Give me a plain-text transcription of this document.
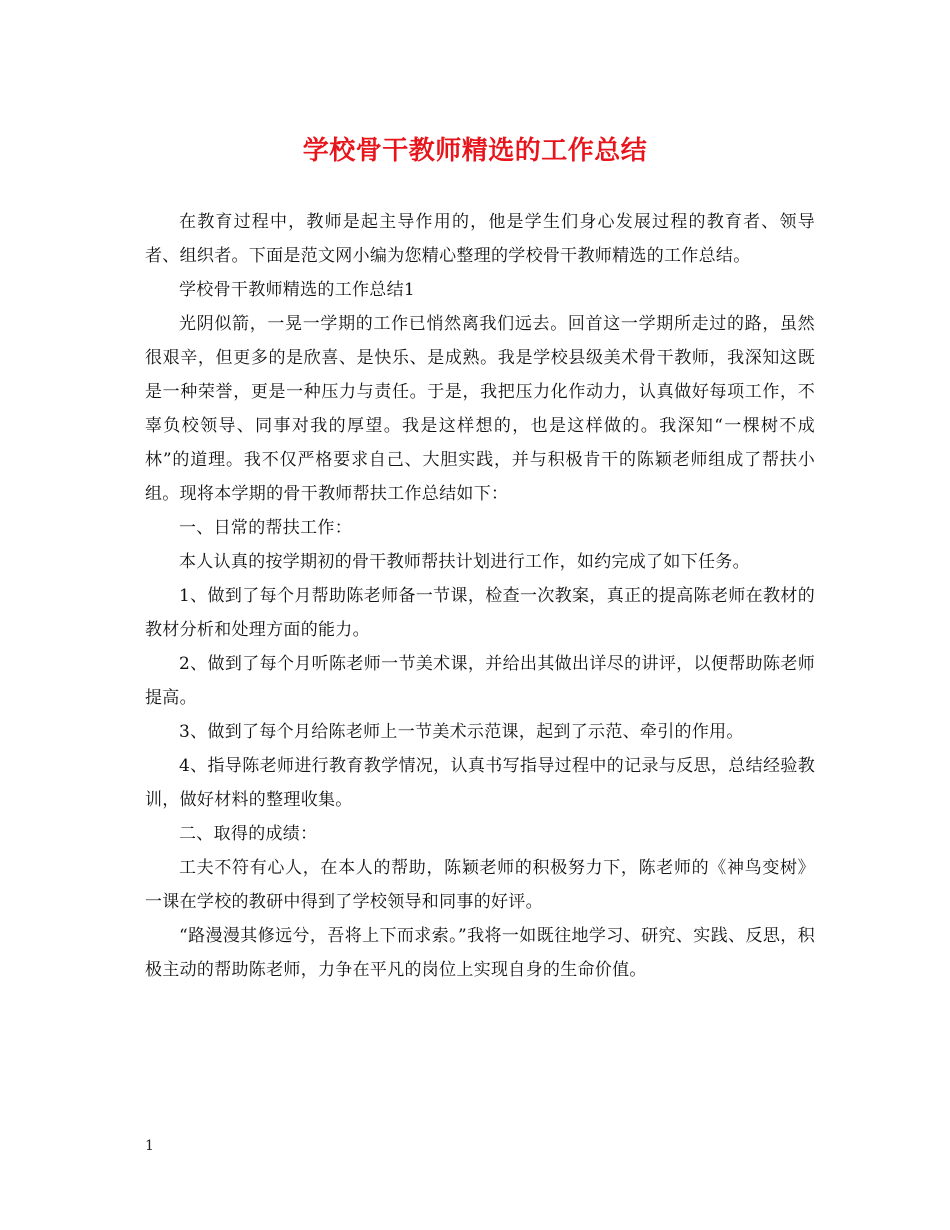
学校骨干教师精选的工作总结

在教育过程中，教师是起主导作用的，他是学生们身心发展过程的教育者、领导者、组织者。下面是范文网小编为您精心整理的学校骨干教师精选的工作总结。

学校骨干教师精选的工作总结1

光阴似箭，一晃一学期的工作已悄然离我们远去。回首这一学期所走过的路，虽然很艰辛，但更多的是欣喜、是快乐、是成熟。我是学校县级美术骨干教师，我深知这既是一种荣誉，更是一种压力与责任。于是，我把压力化作动力，认真做好每项工作，不辜负校领导、同事对我的厚望。我是这样想的，也是这样做的。我深知“一棵树不成林”的道理。我不仅严格要求自己、大胆实践，并与积极肯干的陈颖老师组成了帮扶小组。现将本学期的骨干教师帮扶工作总结如下：

一、日常的帮扶工作：

本人认真的按学期初的骨干教师帮扶计划进行工作，如约完成了如下任务。

1、做到了每个月帮助陈老师备一节课，检查一次教案，真正的提高陈老师在教材的教材分析和处理方面的能力。

2、做到了每个月听陈老师一节美术课，并给出其做出详尽的讲评，以便帮助陈老师提高。

3、做到了每个月给陈老师上一节美术示范课，起到了示范、牵引的作用。

4、指导陈老师进行教育教学情况，认真书写指导过程中的记录与反思，总结经验教训，做好材料的整理收集。

二、取得的成绩：

工夫不符有心人，在本人的帮助，陈颖老师的积极努力下，陈老师的《神鸟变树》一课在学校的教研中得到了学校领导和同事的好评。

“路漫漫其修远兮，吾将上下而求索。”我将一如既往地学习、研究、实践、反思，积极主动的帮助陈老师，力争在平凡的岗位上实现自身的生命价值。

1
